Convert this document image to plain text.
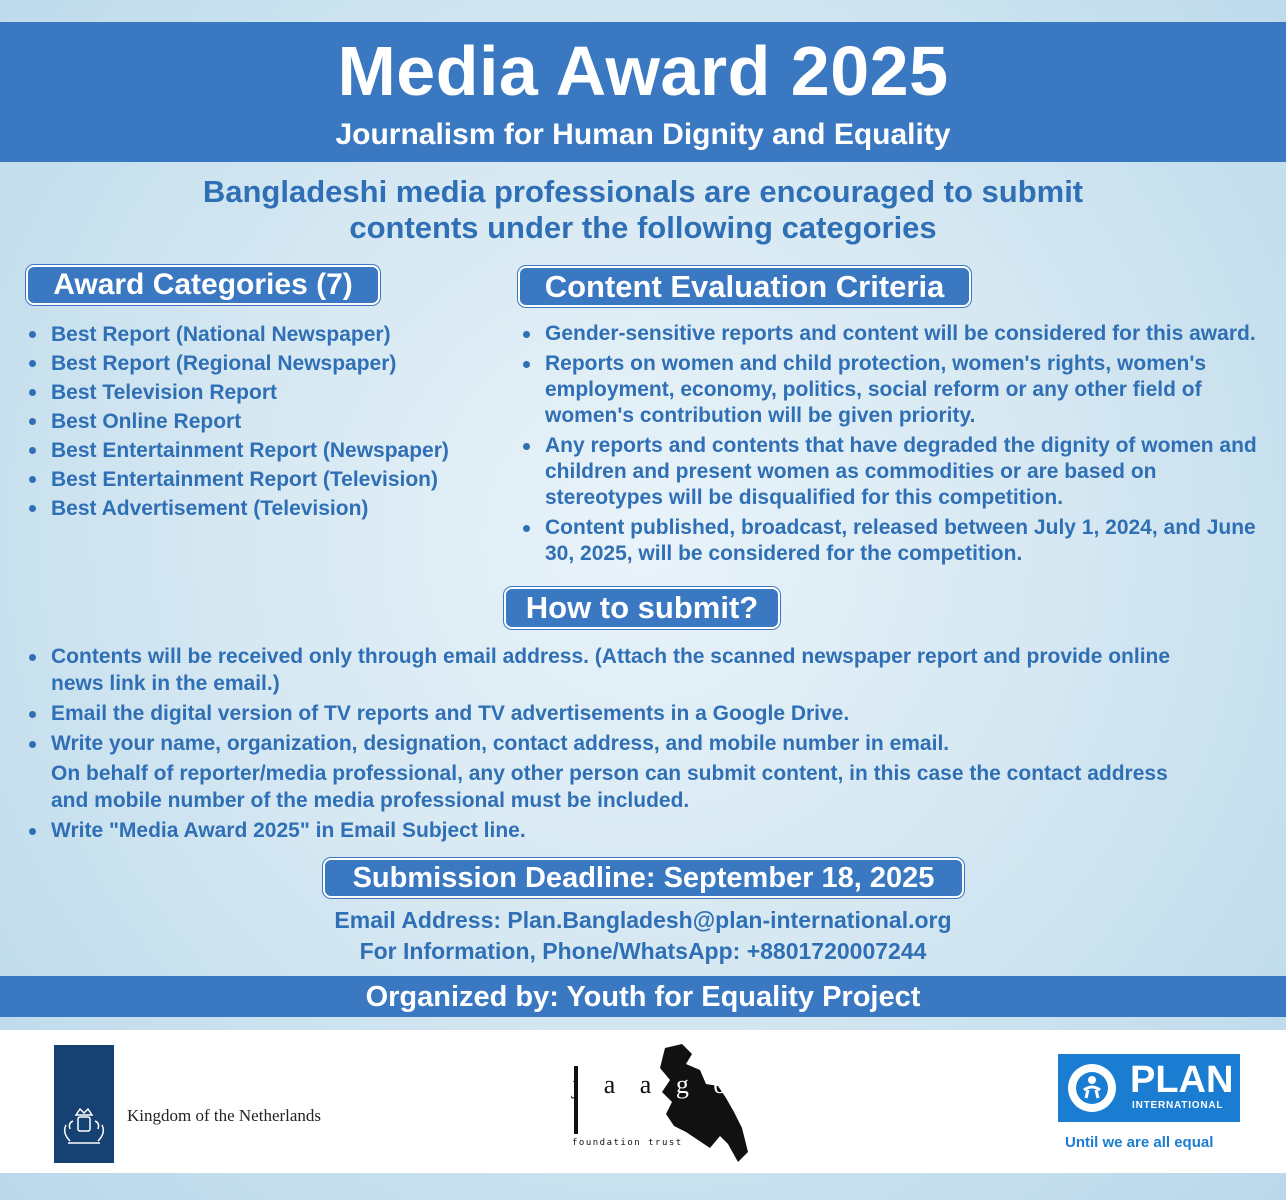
Media Award 2025
Journalism for Human Dignity and Equality
Bangladeshi media professionals are encouraged to submit
contents under the following categories
Award Categories (7)
Best Report (National Newspaper)
Best Report (Regional Newspaper)
Best Television Report
Best Online Report
Best Entertainment Report (Newspaper)
Best Entertainment Report (Television)
Best Advertisement (Television)
Content Evaluation Criteria
Gender-sensitive reports and content will be considered for this award.
Reports on women and child protection, women's rights, women's employment, economy, politics, social reform or any other field of women's contribution will be given priority.
Any reports and contents that have degraded the dignity of women and children and present women as commodities or are based on stereotypes will be disqualified for this competition.
Content published, broadcast, released between July 1, 2024, and June 30, 2025, will be considered for the competition.
How to submit?
Contents will be received only through email address. (Attach the scanned newspaper report and provide online news link in the email.)
Email the digital version of TV reports and TV advertisements in a Google Drive.
Write your name, organization, designation, contact address, and mobile number in email.
On behalf of reporter/media professional, any other person can submit content, in this case the contact address and mobile number of the media professional must be included.
Write "Media Award 2025" in Email Subject line.
Submission Deadline: September 18, 2025
Email Address: Plan.Bangladesh@plan-international.org
For Information, Phone/WhatsApp: +8801720007244
Organized by: Youth for Equality Project
Kingdom of the Netherlands
j a a g o
foundation trust
PLAN
INTERNATIONAL
Until we are all equal
